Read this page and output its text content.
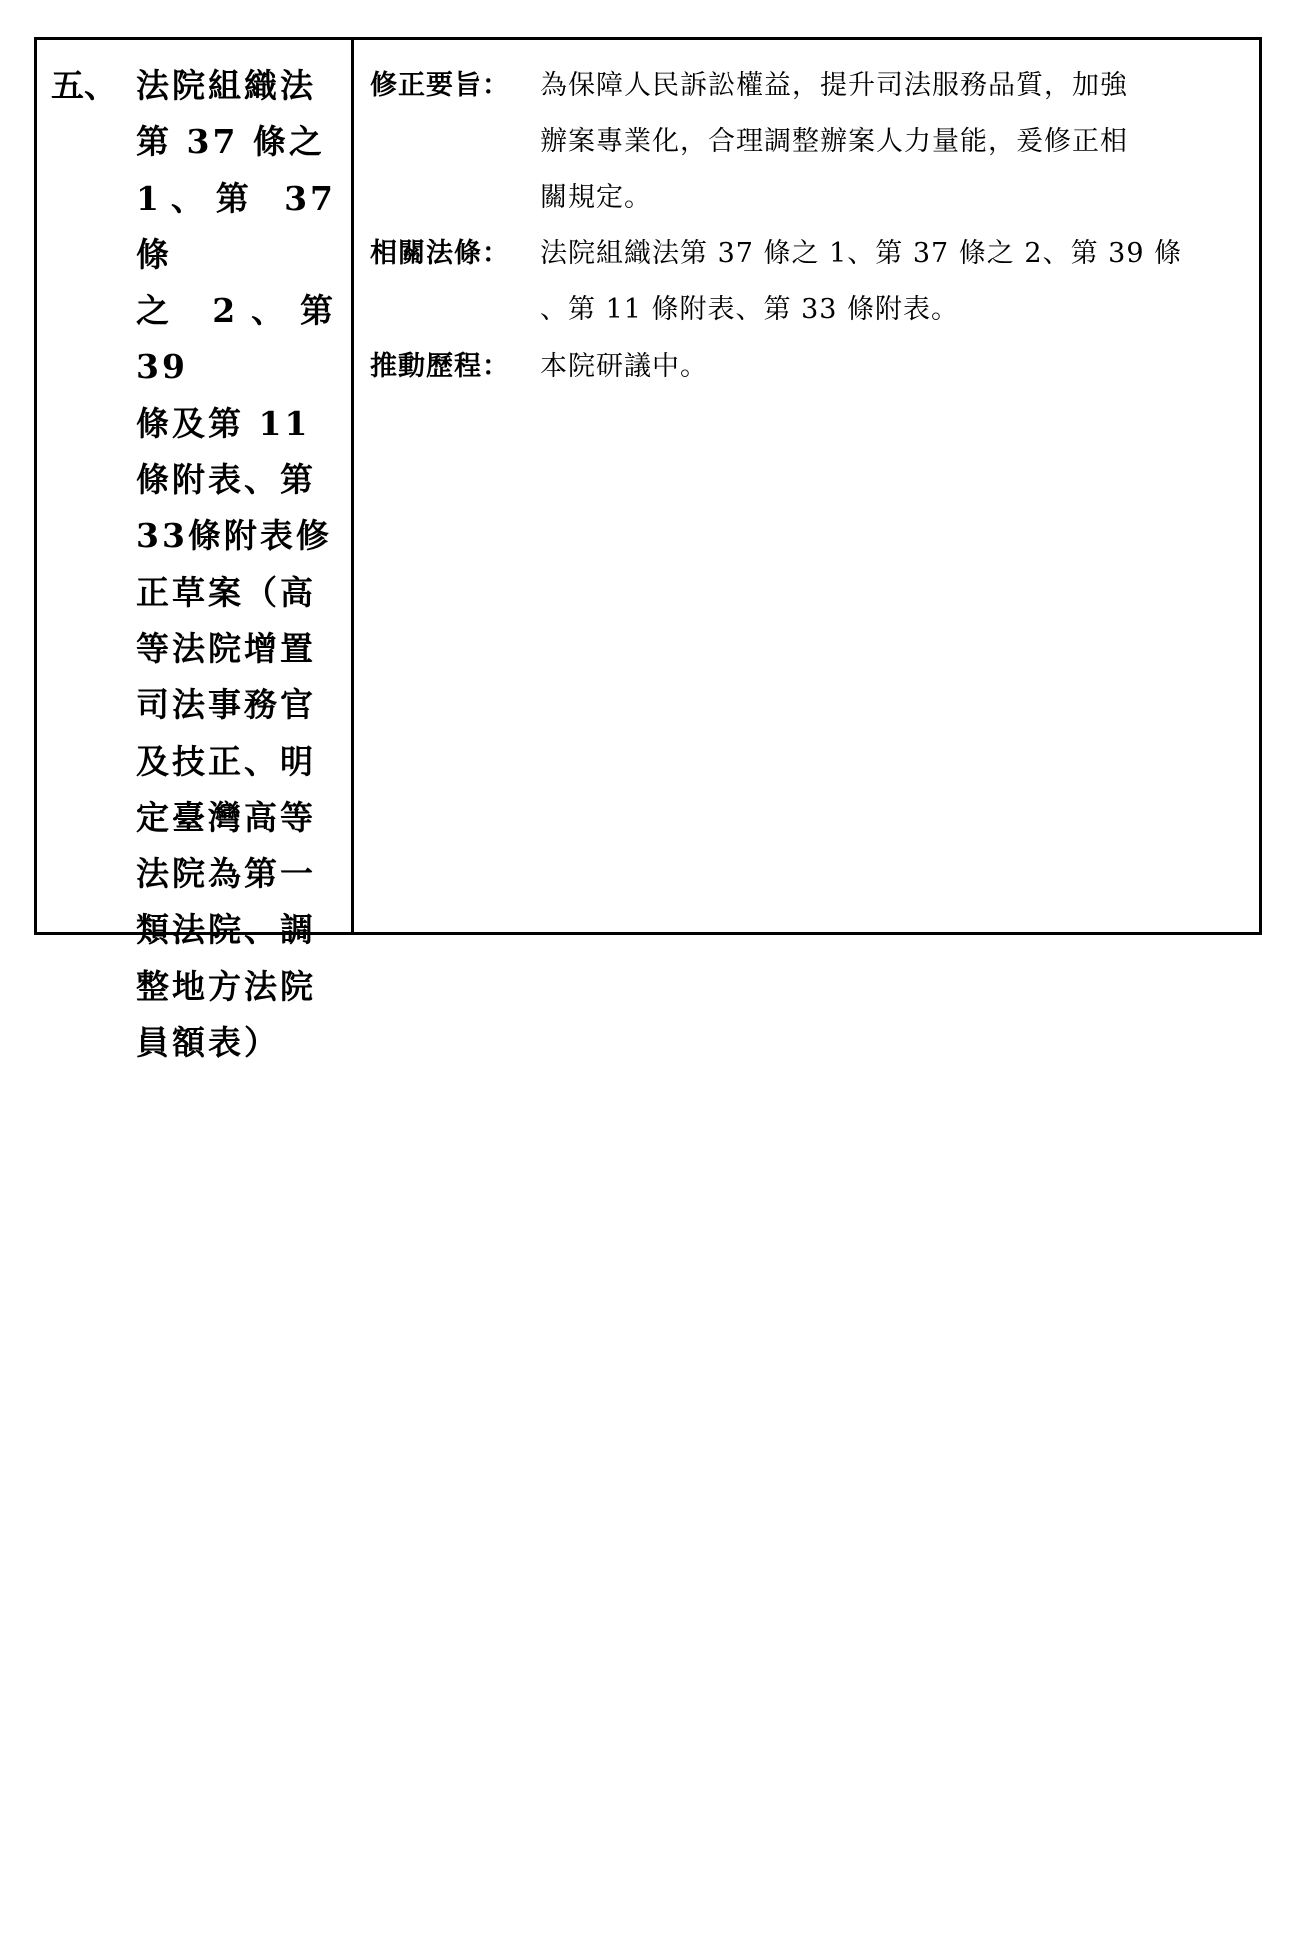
五、 法院組織法
第 37 條之
1、第 37 條
之 2、第 39
條及第 11
條附表、第
33條附表修
正草案（高
等法院增置
司法事務官
及技正、明
定臺灣高等
法院為第一
類法院、調
整地方法院
員額表）
修正要旨：	為保障人民訴訟權益，提升司法服務品質，加強
辦案專業化，合理調整辦案人力量能，爰修正相
關規定。
相關法條：	法院組織法第 37 條之 1、第 37 條之 2、第 39 條
、第 11 條附表、第 33 條附表。
推動歷程：	本院研議中。
